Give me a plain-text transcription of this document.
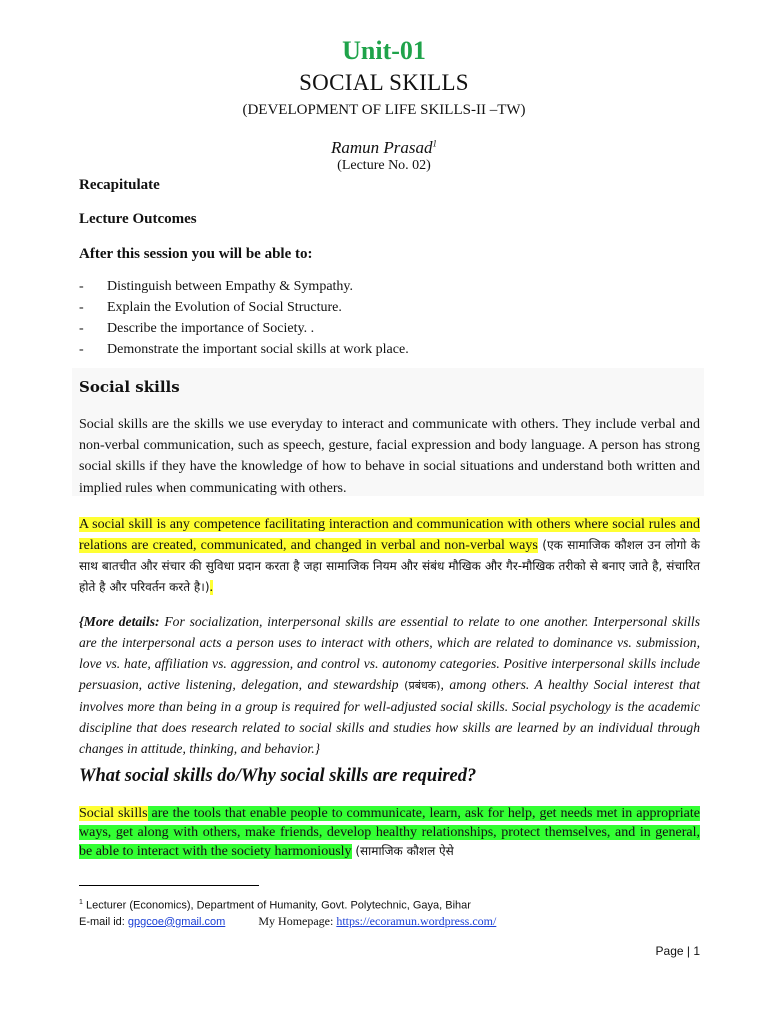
Unit-01
SOCIAL SKILLS
(DEVELOPMENT OF LIFE SKILLS-II –TW)
Ramun Prasad$^1$
(Lecture No. 02)
Recapitulate
Lecture Outcomes
After this session you will be able to:
-	Distinguish between Empathy & Sympathy.
-	Explain the Evolution of Social Structure.
-	Describe the importance of Society. .
-	Demonstrate the important social skills at work place.
Social skills
Social skills are the skills we use everyday to interact and communicate with others. They include verbal and non-verbal communication, such as speech, gesture, facial expression and body language. A person has strong social skills if they have the knowledge of how to behave in social situations and understand both written and implied rules when communicating with others.
A social skill is any competence facilitating interaction and communication with others where social rules and relations are created, communicated, and changed in verbal and non-verbal ways (एक सामाजिक कौशल उन लोगो के साथ बातचीत और संचार की सुविधा प्रदान करता है जहा सामाजिक नियम और संबंध मौखिक और गैर-मौखिक तरीको से बनाए जाते है, संचारित होते है और परिवर्तन करते है।).
{More details: For socialization, interpersonal skills are essential to relate to one another. Interpersonal skills are the interpersonal acts a person uses to interact with others, which are related to dominance vs. submission, love vs. hate, affiliation vs. aggression, and control vs. autonomy categories. Positive interpersonal skills include persuasion, active listening, delegation, and stewardship (प्रबंधक), among others. A healthy Social interest that involves more than being in a group is required for well-adjusted social skills. Social psychology is the academic discipline that does research related to social skills and studies how skills are learned by an individual through changes in attitude, thinking, and behavior.}
What social skills do/Why social skills are required?
Social skills are the tools that enable people to communicate, learn, ask for help, get needs met in appropriate ways, get along with others, make friends, develop healthy relationships, protect themselves, and in general, be able to interact with the society harmoniously (सामाजिक कौशल ऐसे
$^1$ Lecturer (Economics), Department of Humanity, Govt. Polytechnic, Gaya, Bihar
E-mail id: gpgcoe@gmail.com	My Homepage: https://ecoramun.wordpress.com/
Page | 1
